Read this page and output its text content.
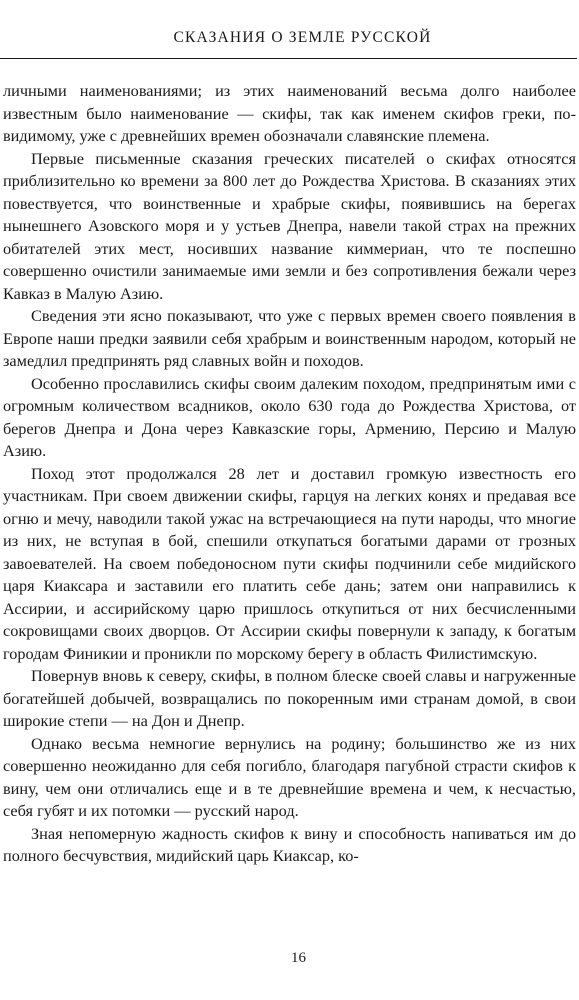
СКАЗАНИЯ О ЗЕМЛЕ РУССКОЙ

личными наименованиями; из этих наименований весьма долго наиболее известным было наименование — скифы, так как именем скифов греки, по-видимому, уже с древнейших времен обозначали славянские племена.

Первые письменные сказания греческих писателей о скифах относятся приблизительно ко времени за 800 лет до Рождества Христова. В сказаниях этих повествуется, что воинственные и храбрые скифы, появившись на берегах нынешнего Азовского моря и у устьев Днепра, навели такой страх на прежних обитателей этих мест, носивших название киммериан, что те поспешно совершенно очистили занимаемые ими земли и без сопротивления бежали через Кавказ в Малую Азию.

Сведения эти ясно показывают, что уже с первых времен своего появления в Европе наши предки заявили себя храбрым и воинственным народом, который не замедлил предпринять ряд славных войн и походов.

Особенно прославились скифы своим далеким походом, предпринятым ими с огромным количеством всадников, около 630 года до Рождества Христова, от берегов Днепра и Дона через Кавказские горы, Армению, Персию и Малую Азию.

Поход этот продолжался 28 лет и доставил громкую известность его участникам. При своем движении скифы, гарцуя на легких конях и предавая все огню и мечу, наводили такой ужас на встречающиеся на пути народы, что многие из них, не вступая в бой, спешили откупаться богатыми дарами от грозных завоевателей. На своем победоносном пути скифы подчинили себе мидийского царя Киаксара и заставили его платить себе дань; затем они направились к Ассирии, и ассирийскому царю пришлось откупиться от них бесчисленными сокровищами своих дворцов. От Ассирии скифы повернули к западу, к богатым городам Финикии и проникли по морскому берегу в область Филистимскую.

Повернув вновь к северу, скифы, в полном блеске своей славы и нагруженные богатейшей добычей, возвращались по покоренным ими странам домой, в свои широкие степи — на Дон и Днепр.

Однако весьма немногие вернулись на родину; большинство же из них совершенно неожиданно для себя погибло, благодаря пагубной страсти скифов к вину, чем они отличались еще и в те древнейшие времена и чем, к несчастью, себя губят и их потомки — русский народ.

Зная непомерную жадность скифов к вину и способность напиваться им до полного бесчувствия, мидийский царь Киаксар, ко-

16
